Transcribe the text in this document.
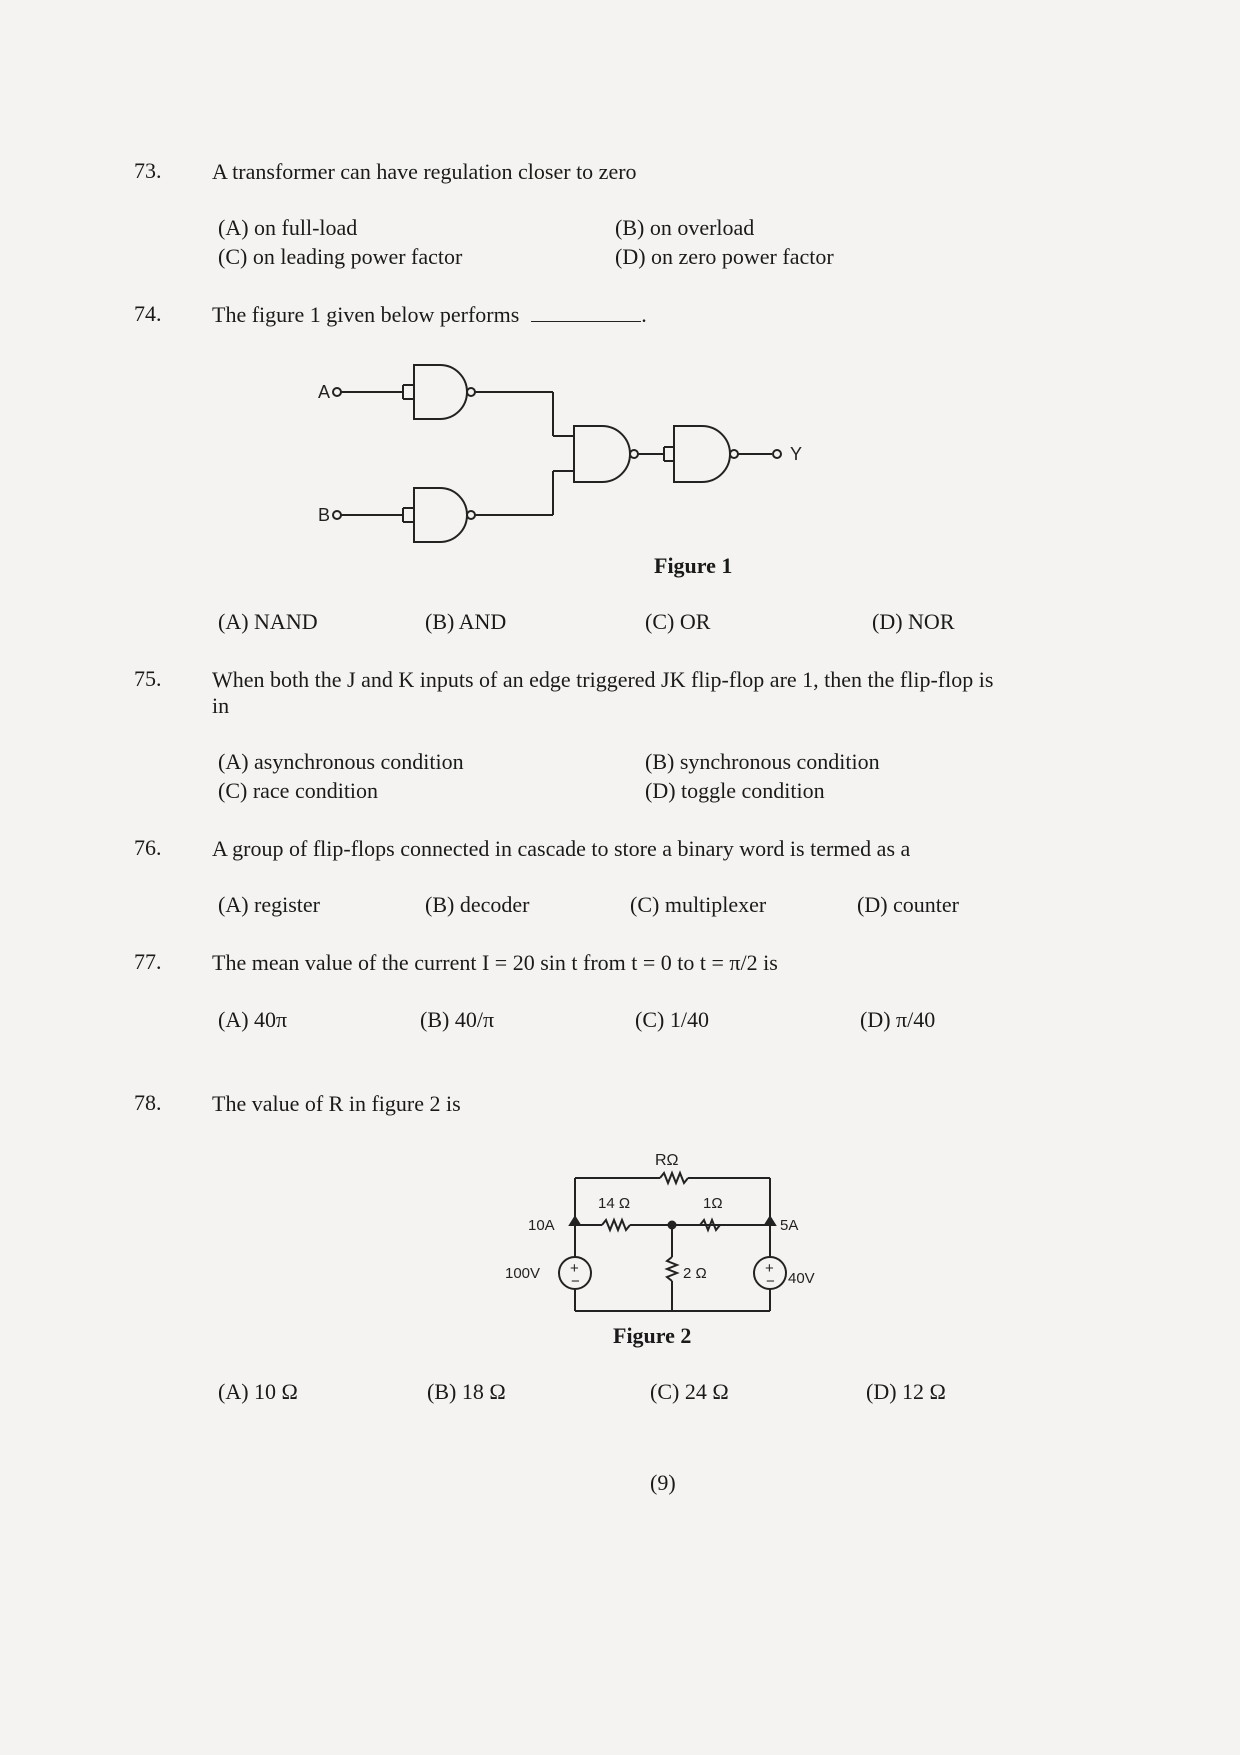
73. A transformer can have regulation closer to zero
(A) on full-load	(B) on overload
(C) on leading power factor	(D) on zero power factor
74. The figure 1 given below performs	.
A
B
Y
Figure 1
(A) NAND	(B) AND	(C) OR	(D) NOR
75. When both the J and K inputs of an edge triggered JK flip-flop are 1, then the flip-flop is
in
(A) asynchronous condition	(B) synchronous condition
(C) race condition	(D) toggle condition
76. A group of flip-flops connected in cascade to store a binary word is termed as a
(A) register	(B) decoder	(C) multiplexer	(D) counter
77. The mean value of the current I = 20 sin t from t = 0 to t = π/2 is
(A) 40π	(B) 40/π	(C) 1/40	(D) π/40
78. The value of R in figure 2 is
RΩ
+
−
+
−
14 Ω	1Ω
2 Ω
10A	5A
100V	40V
Figure 2
(A) 10 Ω	(B) 18 Ω	(C) 24 Ω	(D) 12 Ω
(9)
